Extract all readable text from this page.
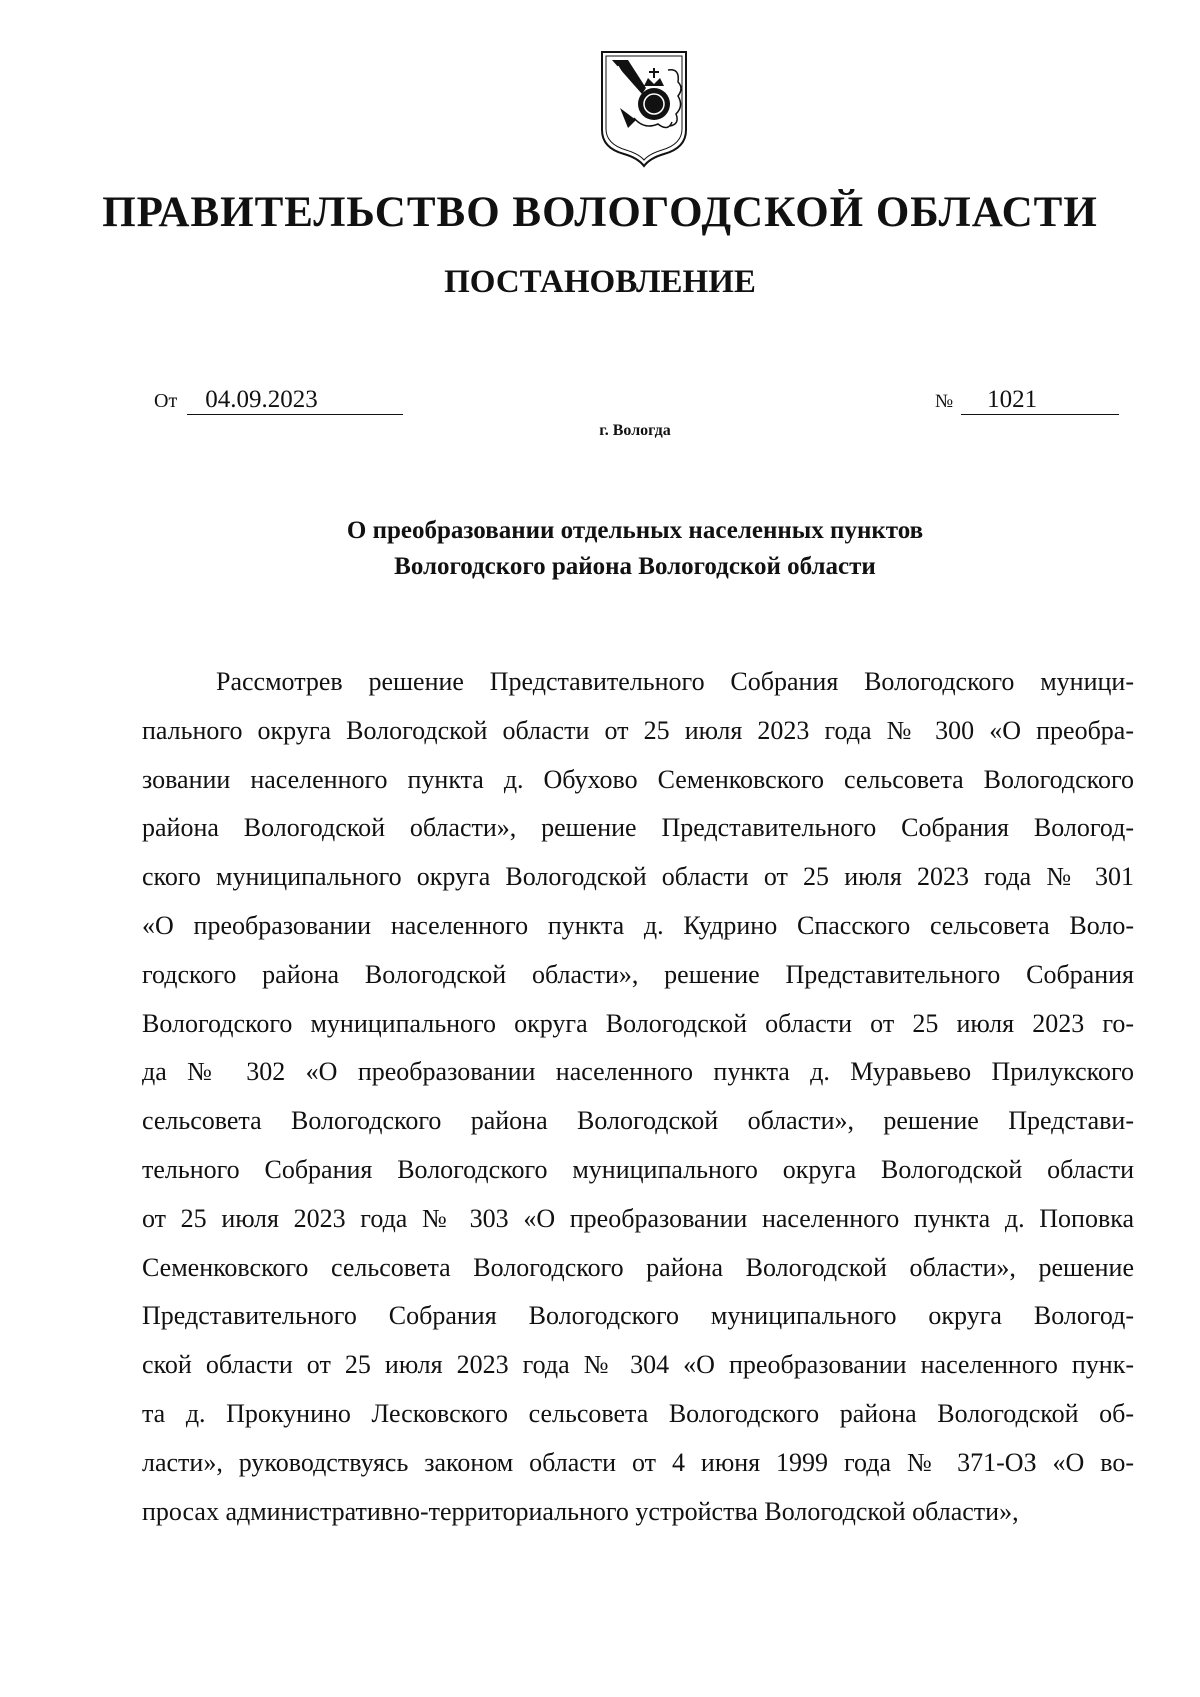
ПРАВИТЕЛЬСТВО ВОЛОГОДСКОЙ ОБЛАСТИ
ПОСТАНОВЛЕНИЕ
От 04.09.2023	№ 1021
г. Вологда
О преобразовании отдельных населенных пунктов
Вологодского района Вологодской области
Рассмотрев решение Представительного Собрания Вологодского муници-
пального округа Вологодской области от 25 июля 2023 года № 300 «О преобра-
зовании населенного пункта д. Обухово Семенковского сельсовета Вологодского
района Вологодской области», решение Представительного Собрания Вологод-
ского муниципального округа Вологодской области от 25 июля 2023 года № 301
«О преобразовании населенного пункта д. Кудрино Спасского сельсовета Воло-
годского района Вологодской области», решение Представительного Собрания
Вологодского муниципального округа Вологодской области от 25 июля 2023 го-
да № 302 «О преобразовании населенного пункта д. Муравьево Прилукского
сельсовета Вологодского района Вологодской области», решение Представи-
тельного Собрания Вологодского муниципального округа Вологодской области
от 25 июля 2023 года № 303 «О преобразовании населенного пункта д. Поповка
Семенковского сельсовета Вологодского района Вологодской области», решение
Представительного Собрания Вологодского муниципального округа Вологод-
ской области от 25 июля 2023 года № 304 «О преобразовании населенного пунк-
та д. Прокунино Лесковского сельсовета Вологодского района Вологодской об-
ласти», руководствуясь законом области от 4 июня 1999 года № 371-ОЗ «О во-
просах административно-территориального устройства Вологодской области»,
